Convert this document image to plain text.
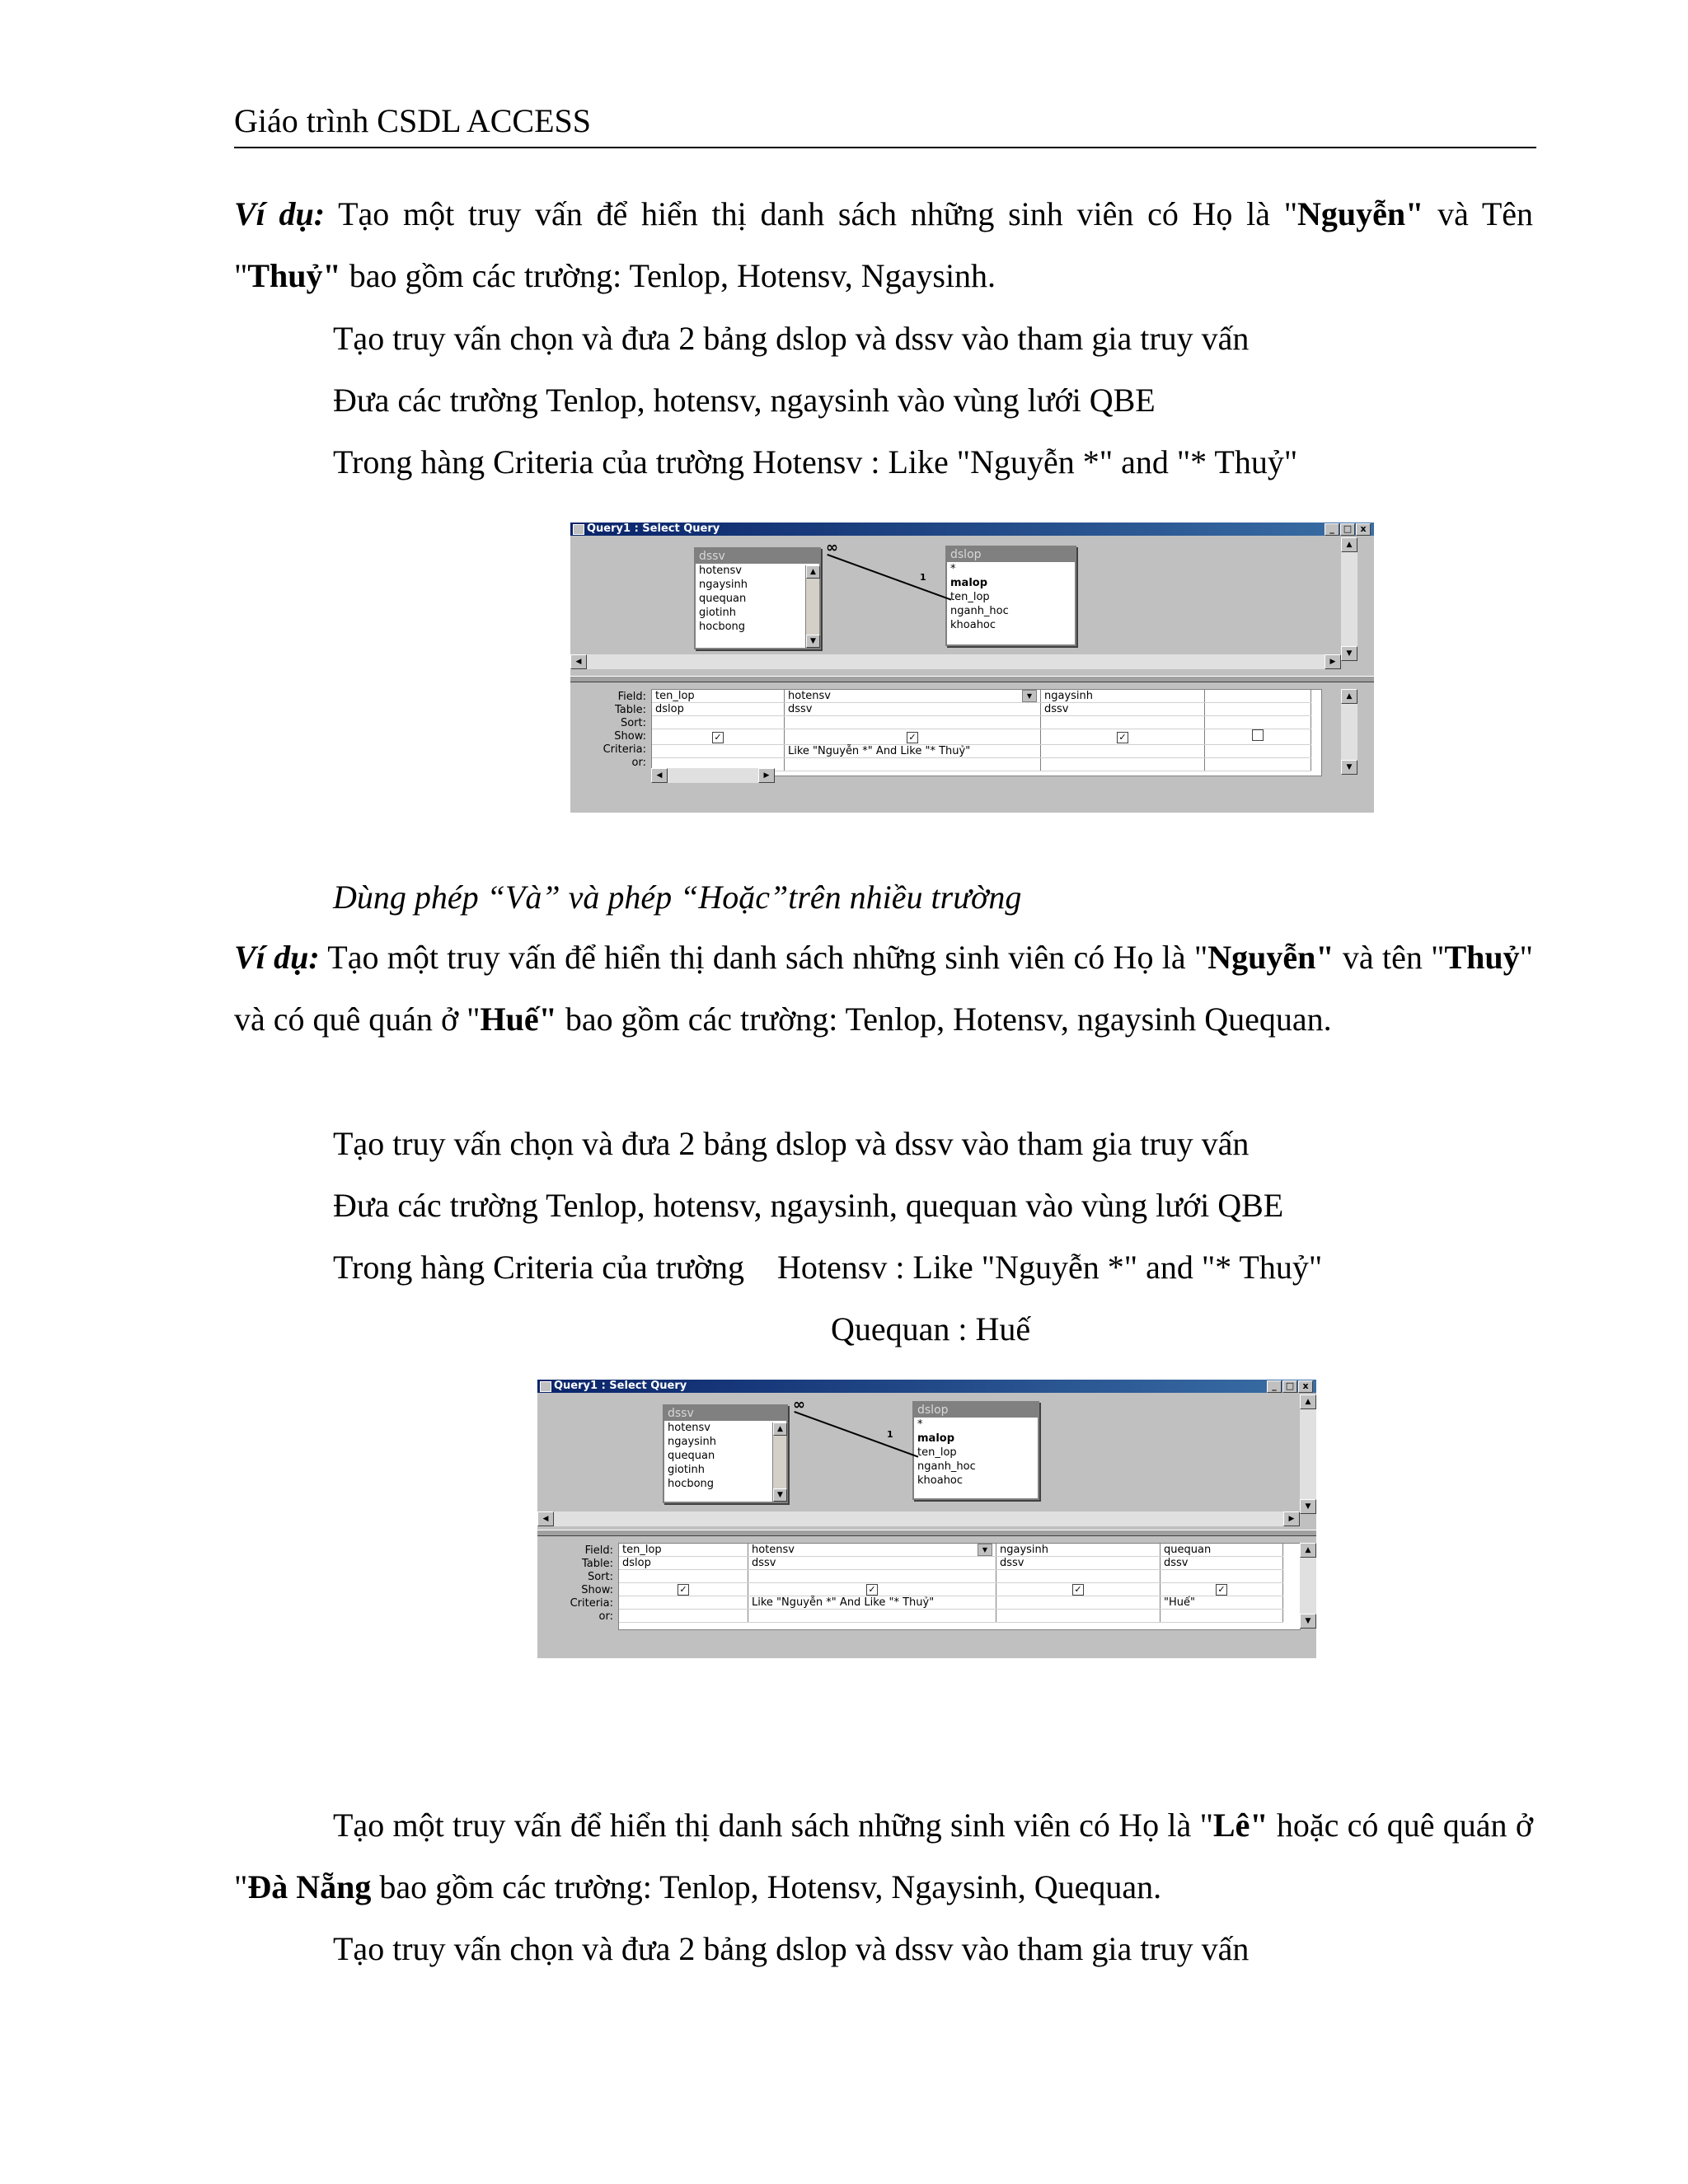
Giáo trình CSDL ACCESS
Ví dụ: Tạo một truy vấn để hiển thị danh sách những sinh viên có Họ là "Nguyễn" và Tên "Thuỷ" bao gồm các trường: Tenlop, Hotensv, Ngaysinh.
Tạo truy vấn chọn và đưa 2 bảng dslop và dssv vào tham gia truy vấn
Đưa các trường Tenlop, hotensv, ngaysinh vào vùng lưới QBE
Trong hàng Criteria của trường Hotensv : Like "Nguyễn *" and "* Thuỷ"
Query1 : Select Query	_	□ x
dssv
hotensv
ngaysinh
quequan
giotinh
hocbong
▲
▼
dslop
*
malop
ten_lop
nganh_hoc
khoahoc
∞
1
▲
▼
◀	▶
Field:
Table:
Sort:
Show:
Criteria:
or:
ten_lop	hotensv ▼	ngaysinh	
dslop	dssv	dssv	

✓	✓	✓	
	Like "Nguyễn *" And Like "* Thuỷ"		

▲
▼
◀	▶
Dùng phép “Và” và phép “Hoặc”trên nhiều trường
Ví dụ: Tạo một truy vấn để hiển thị danh sách những sinh viên có Họ là "Nguyễn" và tên "Thuỷ" và có quê quán ở "Huế" bao gồm các trường: Tenlop, Hotensv, ngaysinh Quequan.
Tạo truy vấn chọn và đưa 2 bảng dslop và dssv vào tham gia truy vấn
Đưa các trường Tenlop, hotensv, ngaysinh, quequan vào vùng lưới QBE
Trong hàng Criteria của trường    Hotensv : Like "Nguyễn *" and "* Thuỷ"
Quequan : Huế
Query1 : Select Query	_	□ x
dssv
hotensv
ngaysinh
quequan
giotinh
hocbong
▲
▼
dslop
*
malop
ten_lop
nganh_hoc
khoahoc
∞
1
▲
▼
◀	▶
Field:
Table:
Sort:
Show:
Criteria:
or:
ten_lop	hotensv ▼	ngaysinh	quequan
dslop	dssv	dssv	dssv

✓	✓	✓	✓
	Like "Nguyễn *" And Like "* Thuỷ"		"Huế"

▲
▼
Tạo một truy vấn để hiển thị danh sách những sinh viên có Họ là "Lê" hoặc có quê quán ở "Đà Nẵng bao gồm các trường: Tenlop, Hotensv, Ngaysinh, Quequan.
Tạo truy vấn chọn và đưa 2 bảng dslop và dssv vào tham gia truy vấn
